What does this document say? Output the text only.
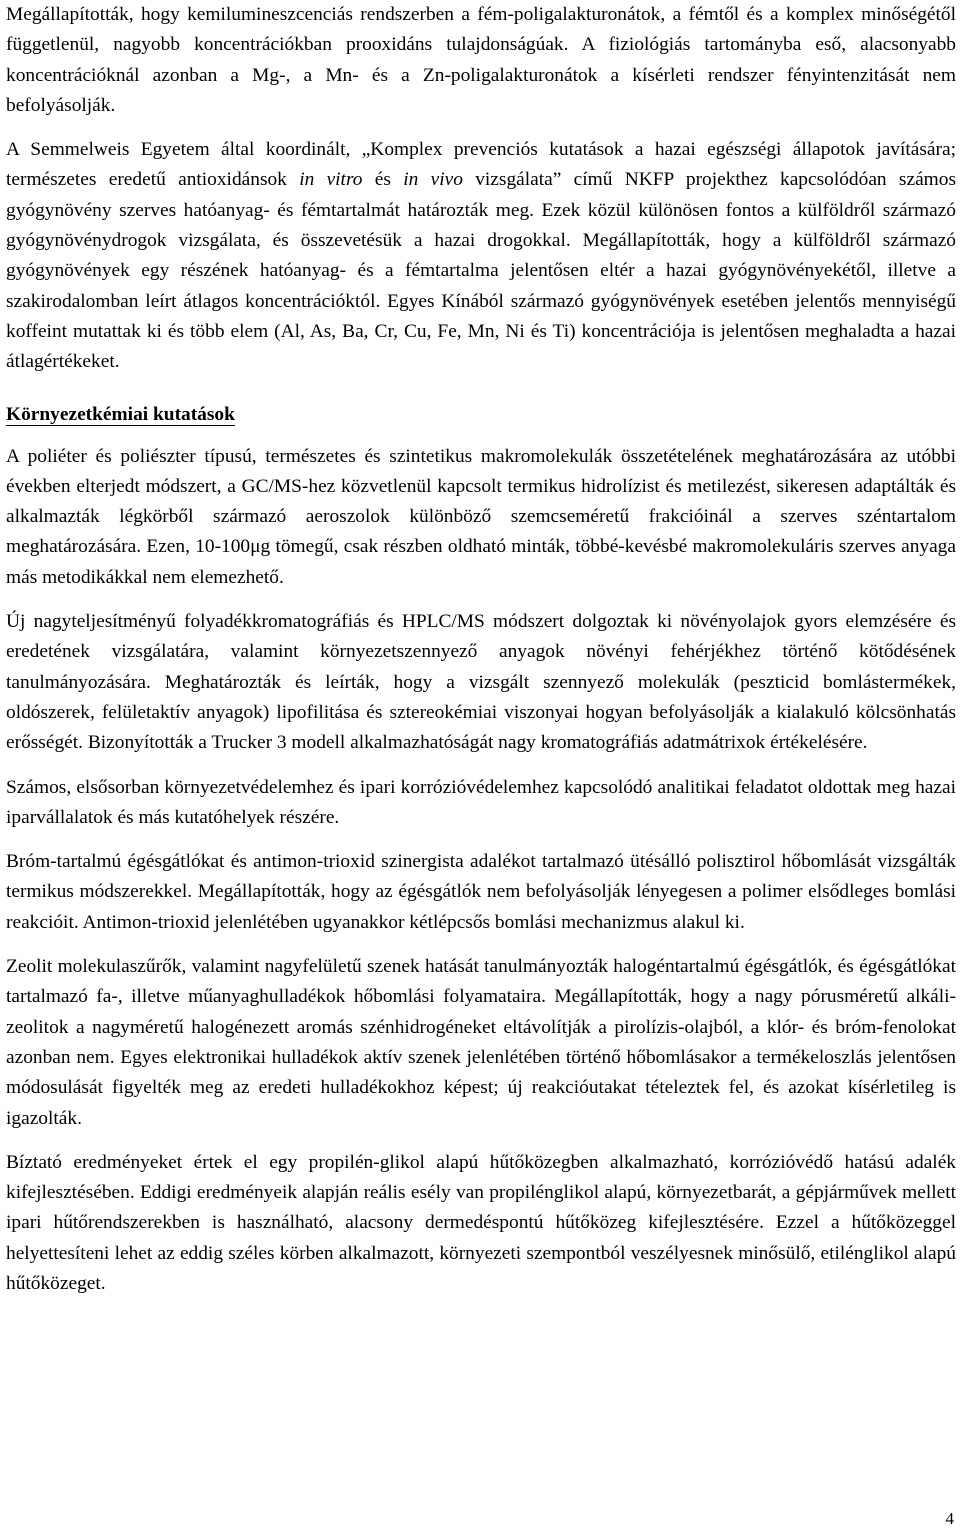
Megállapították, hogy kemilumineszcenciás rendszerben a fém-poligalakturonátok, a fémtől és a komplex minőségétől függetlenül, nagyobb koncentrációkban prooxidáns tulajdonságúak. A fiziológiás tartományba eső, alacsonyabb koncentrációknál azonban a Mg-, a Mn- és a Zn-poligalakturonátok a kísérleti rendszer fényintenzitását nem befolyásolják.

A Semmelweis Egyetem által koordinált, „Komplex prevenciós kutatások a hazai egészségi állapotok javítására; természetes eredetű antioxidánsok in vitro és in vivo vizsgálata” című NKFP projekthez kapcsolódóan számos gyógynövény szerves hatóanyag- és fémtartalmát határozták meg. Ezek közül különösen fontos a külföldről származó gyógynövénydrogok vizsgálata, és összevetésük a hazai drogokkal. Megállapították, hogy a külföldről származó gyógynövények egy részének hatóanyag- és a fémtartalma jelentősen eltér a hazai gyógynövényekétől, illetve a szakirodalomban leírt átlagos koncentrációktól. Egyes Kínából származó gyógynövények esetében jelentős mennyiségű koffeint mutattak ki és több elem (Al, As, Ba, Cr, Cu, Fe, Mn, Ni és Ti) koncentrációja is jelentősen meghaladta a hazai átlagértékeket.

Környezetkémiai kutatások

A poliéter és poliészter típusú, természetes és szintetikus makromolekulák összetételének meghatározására az utóbbi években elterjedt módszert, a GC/MS-hez közvetlenül kapcsolt termikus hidrolízist és metilezést, sikeresen adaptálták és alkalmazták légkörből származó aeroszolok különböző szemcseméretű frakcióinál a szerves széntartalom meghatározására. Ezen, 10-100μg tömegű, csak részben oldható minták, többé-kevésbé makromolekuláris szerves anyaga más metodikákkal nem elemezhető.

Új nagyteljesítményű folyadékkromatográfiás és HPLC/MS módszert dolgoztak ki növényolajok gyors elemzésére és eredetének vizsgálatára, valamint környezetszennyező anyagok növényi fehérjékhez történő kötődésének tanulmányozására. Meghatározták és leírták, hogy a vizsgált szennyező molekulák (peszticid bomlástermékek, oldószerek, felületaktív anyagok) lipofilitása és sztereokémiai viszonyai hogyan befolyásolják a kialakuló kölcsönhatás erősségét. Bizonyították a Trucker 3 modell alkalmazhatóságát nagy kromatográfiás adatmátrixok értékelésére.

Számos, elsősorban környezetvédelemhez és ipari korrózióvédelemhez kapcsolódó analitikai feladatot oldottak meg hazai iparvállalatok és más kutatóhelyek részére.

Bróm-tartalmú égésgátlókat és antimon-trioxid szinergista adalékot tartalmazó ütésálló polisztirol hőbomlását vizsgálták termikus módszerekkel. Megállapították, hogy az égésgátlók nem befolyásolják lényegesen a polimer elsődleges bomlási reakcióit. Antimon-trioxid jelenlétében ugyanakkor kétlépcsős bomlási mechanizmus alakul ki.

Zeolit molekulaszűrők, valamint nagyfelületű szenek hatását tanulmányozták halogéntartalmú égésgátlók, és égésgátlókat tartalmazó fa-, illetve műanyaghulladékok hőbomlási folyamataira. Megállapították, hogy a nagy pórusméretű alkáli-zeolitok a nagyméretű halogénezett aromás szénhidrogéneket eltávolítják a pirolízis-olajból, a klór- és bróm-fenolokat azonban nem. Egyes elektronikai hulladékok aktív szenek jelenlétében történő hőbomlásakor a termékeloszlás jelentősen módosulását figyelték meg az eredeti hulladékokhoz képest; új reakcióutakat tételeztek fel, és azokat kísérletileg is igazolták.

Bíztató eredményeket értek el egy propilén-glikol alapú hűtőközegben alkalmazható, korrózióvédő hatású adalék kifejlesztésében. Eddigi eredményeik alapján reális esély van propilénglikol alapú, környezetbarát, a gépjárművek mellett ipari hűtőrendszerekben is használható, alacsony dermedéspontú hűtőközeg kifejlesztésére. Ezzel a hűtőközeggel helyettesíteni lehet az eddig széles körben alkalmazott, környezeti szempontból veszélyesnek minősülő, etilénglikol alapú hűtőközeget.

4
